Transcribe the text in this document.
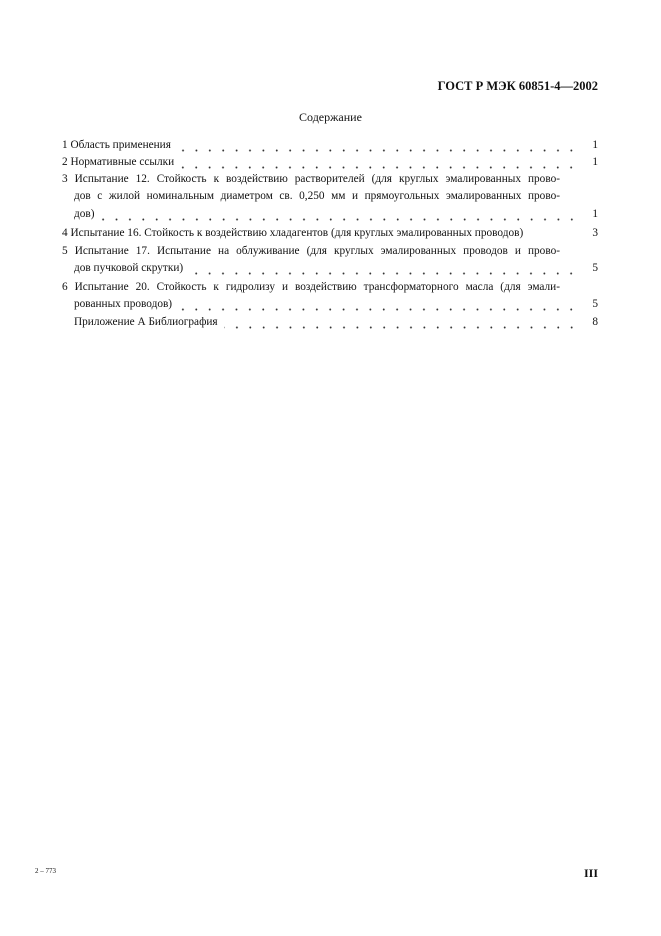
ГОСТ Р МЭК 60851-4—2002
Содержание
1 Область применения	1
2 Нормативные ссылки	1
3 Испытание 12. Стойкость к воздействию растворителей (для круглых эмалированных прово-
дов с жилой номинальным диаметром св. 0,250 мм и прямоугольных эмалированных прово-
дов)	1
4 Испытание 16. Стойкость к воздействию хладагентов (для круглых эмалированных проводов)	3
5 Испытание 17. Испытание на облуживание (для круглых эмалированных проводов и прово-
дов пучковой скрутки)	5
6 Испытание 20. Стойкость к гидролизу и воздействию трансформаторного масла (для эмали-
рованных проводов)	5
Приложение А Библиография	8
2 – 773	III
